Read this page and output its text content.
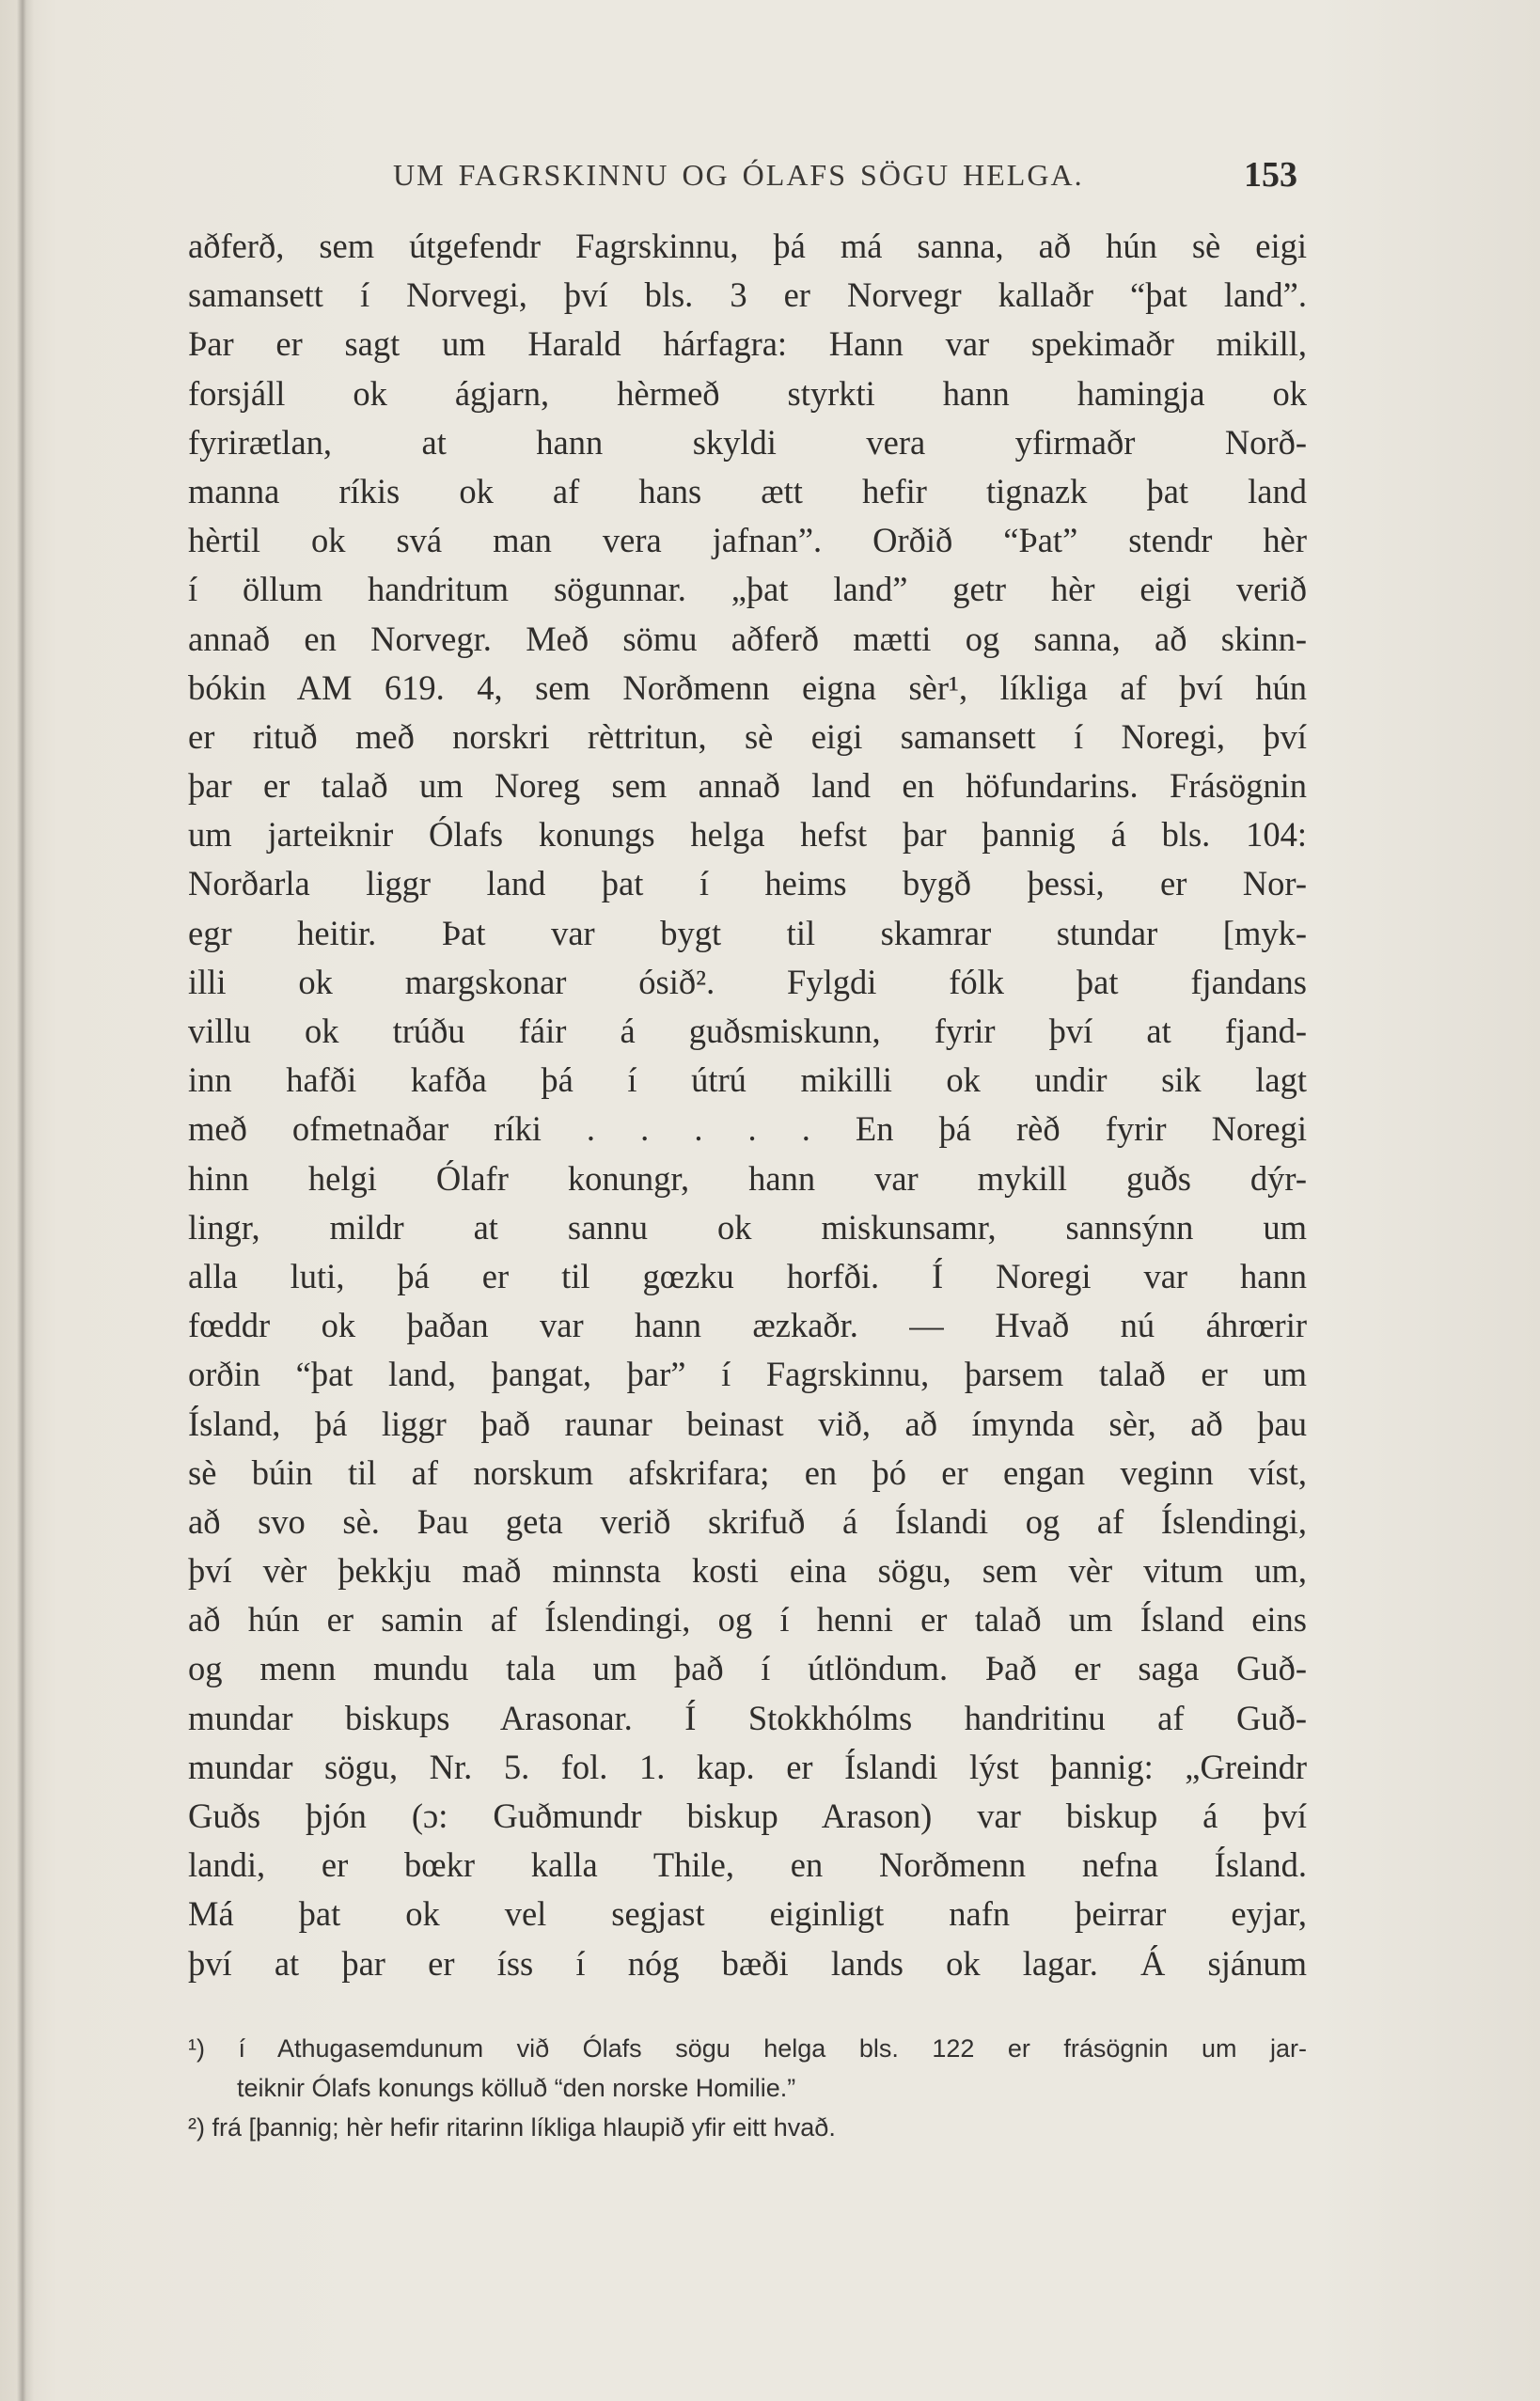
UM FAGRSKINNU OG ÓLAFS SÖGU HELGA.	153
aðferð, sem útgefendr Fagrskinnu, þá má sanna, að hún sè eigi
samansett í Norvegi, því bls. 3 er Norvegr kallaðr “þat land”.
Þar er sagt um Harald hárfagra: Hann var spekimaðr mikill,
forsjáll ok ágjarn, hèrmeð styrkti hann hamingja ok
fyrirætlan, at hann skyldi vera yfirmaðr Norð-
manna ríkis ok af hans ætt hefir tignazk þat land
hèrtil ok svá man vera jafnan”. Orðið “Þat” stendr hèr
í öllum handritum sögunnar. „þat land” getr hèr eigi verið
annað en Norvegr. Með sömu aðferð mætti og sanna, að skinn-
bókin AM 619. 4, sem Norðmenn eigna sèr¹, líkliga af því hún
er rituð með norskri rèttritun, sè eigi samansett í Noregi, því
þar er talað um Noreg sem annað land en höfundarins. Frásögnin
um jarteiknir Ólafs konungs helga hefst þar þannig á bls. 104:
Norðarla liggr land þat í heims bygð þessi, er Nor-
egr heitir. Þat var bygt til skamrar stundar [myk-
illi ok margskonar ósið². Fylgdi fólk þat fjandans
villu ok trúðu fáir á guðsmiskunn, fyrir því at fjand-
inn hafði kafða þá í útrú mikilli ok undir sik lagt
með ofmetnaðar ríki . . . . . En þá rèð fyrir Noregi
hinn helgi Ólafr konungr, hann var mykill guðs dýr-
lingr, mildr at sannu ok miskunsamr, sannsýnn um
alla luti, þá er til gœzku horfði. Í Noregi var hann
fœddr ok þaðan var hann æzkaðr. — Hvað nú áhrœrir
orðin “þat land, þangat, þar” í Fagrskinnu, þarsem talað er um
Ísland, þá liggr það raunar beinast við, að ímynda sèr, að þau
sè búin til af norskum afskrifara; en þó er engan veginn víst,
að svo sè. Þau geta verið skrifuð á Íslandi og af Íslendingi,
því vèr þekkju mað minnsta kosti eina sögu, sem vèr vitum um,
að hún er samin af Íslendingi, og í henni er talað um Ísland eins
og menn mundu tala um það í útlöndum. Það er saga Guð-
mundar biskups Arasonar. Í Stokkhólms handritinu af Guð-
mundar sögu, Nr. 5. fol. 1. kap. er Íslandi lýst þannig: „Greindr
Guðs þjón (ɔ: Guðmundr biskup Arason) var biskup á því
landi, er bœkr kalla Thile, en Norðmenn nefna Ísland.
Má þat ok vel segjast eiginligt nafn þeirrar eyjar,
því at þar er íss í nóg bæði lands ok lagar. Á sjánum
¹) í Athugasemdunum við Ólafs sögu helga bls. 122 er frásögnin um jar-
teiknir Ólafs konungs kölluð “den norske Homilie.”
²) frá [þannig; hèr hefir ritarinn líkliga hlaupið yfir eitt hvað.
